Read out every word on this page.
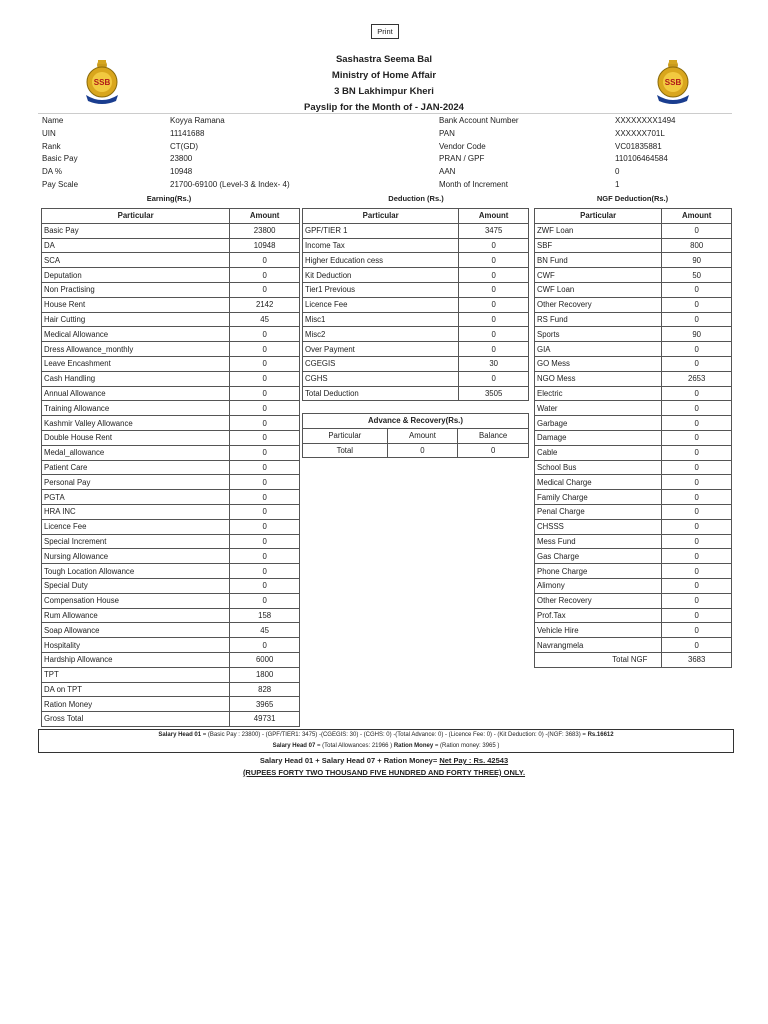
Print
SSB	SSB
Sashastra Seema Bal
Ministry of Home Affair
3 BN Lakhimpur Kheri
Payslip for the Month of - JAN-2024
Name	Koyya Ramana
UIN	11141688
Rank	CT(GD)
Basic Pay	23800
DA %	10948
Pay Scale	21700-69100 (Level-3 & Index- 4)
Bank Account Number	XXXXXXXX1494
PAN	XXXXXX701L
Vendor Code	VC01835881
PRAN / GPF	110106464584
AAN	0
Month of Increment	1
Earning(Rs.)	Deduction (Rs.)	NGF Deduction(Rs.)
Particular	Amount
Basic Pay	23800
DA	10948
SCA	0
Deputation	0
Non Practising	0
House Rent	2142
Hair Cutting	45
Medical Allowance	0
Dress Allowance_monthly	0
Leave Encashment	0
Cash Handling	0
Annual Allowance	0
Training Allowance	0
Kashmir Valley Allowance	0
Double House Rent	0
Medal_allowance	0
Patient Care	0
Personal Pay	0
PGTA	0
HRA INC	0
Licence Fee	0
Special Increment	0
Nursing Allowance	0
Tough Location Allowance	0
Special Duty	0
Compensation House	0
Rum Allowance	158
Soap Allowance	45
Hospitality	0
Hardship Allowance	6000
TPT	1800
DA on TPT	828
Ration Money	3965
Gross Total	49731
Particular	Amount
GPF/TIER 1	3475
Income Tax	0
Higher Education cess	0
Kit Deduction	0
Tier1 Previous	0
Licence Fee	0
Misc1	0
Misc2	0
Over Payment	0
CGEGIS	30
CGHS	0
Total Deduction	3505
Advance & Recovery(Rs.)		
Particular	Amount	Balance
Total	0	0
Particular	Amount
ZWF Loan	0
SBF	800
BN Fund	90
CWF	50
CWF Loan	0
Other Recovery	0
RS Fund	0
Sports	90
GIA	0
GO Mess	0
NGO Mess	2653
Electric	0
Water	0
Garbage	0
Damage	0
Cable	0
School Bus	0
Medical Charge	0
Family Charge	0
Penal Charge	0
CHSSS	0
Mess Fund	0
Gas Charge	0
Phone Charge	0
Alimony	0
Other Recovery	0
Prof.Tax	0
Vehicle Hire	0
Navrangmela	0
Total NGF	3683
Salary Head 01 = (Basic Pay : 23800) - (GPF/TIER1: 3475) -(CGEGIS: 30) - (CGHS: 0) -(Total Advance: 0) - (Licence Fee: 0) - (Kit Deduction: 0) -(NGF: 3683) = Rs.16612
Salary Head 07 = (Total Allowances: 21966 ) Ration Money = (Ration money: 3965 )
Salary Head 01 + Salary Head 07 + Ration Money= Net Pay : Rs. 42543
(RUPEES FORTY TWO THOUSAND FIVE HUNDRED AND FORTY THREE) ONLY.
